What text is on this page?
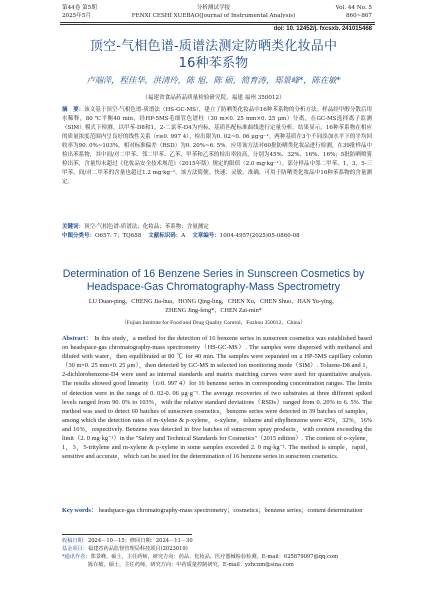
第44卷 第5期
2025年5月
分析测试学报
FENXI CESHI XUEBAO(Journal of Instrumental Analysis)
Vol. 44 No. 5
860~867
doi: 10. 12452/j. fxcsxb. 241015468
顶空-气相色谱-质谱法测定防晒类化妆品中
16种苯系物
卢端萍，程佳华，洪清玲，陈 旭，陈 硕，简育涛，郑景峰*，陈在敏*
（福建省食品药品质量检验研究院，福建 福州 350012）
摘　要：该文基于顶空-气相色谱-质谱法（HS-GC-MS），建立了防晒类化妆品中16种苯系物的分析方法。样品经甲醇分散后用水稀释，80 ℃平衡40 min，经HP-5MS毛细管色谱柱（30 m×0. 25 mm×0. 25 μm）分离，在GC-MS选择离子监测（SIM）模式下检测。以甲苯-D8和1，2-二氯苯-D4为内标，基质匹配标准曲线进行定量分析。结果显示，16种苯系物在相应的质量浓度范围内呈良好的线性关系（r≥0. 997 4），检出限为0. 02~0. 06 μg·g⁻¹。两种基质在3个不同添加水平下的平均回收率为90. 0%~103%，相对标准偏差（RSD）为0. 20%~6. 5%。应用该方法对60批防晒类化妆品进行检测，在39批样品中检出苯系物，其中间/对二甲苯、邻二甲苯、乙苯、甲苯和乙苯的检出率较高，分别为45%、32%、16%、16%；5批防晒喷雾检出苯，含量均未超过《化妆品安全技术规范》（2015年版）规定的限值（2.0 mg·kg⁻¹）。部分样品中邻二甲苯、1，3，5-三甲苯、间/对二甲苯的含量也超过1.2 mg·kg⁻¹。该方法简便、快速、灵敏、准确，可用于防晒类化妆品中16种苯系物的含量测定。
关键词：顶空-气相色谱-质谱法；化妆品；苯系物；含量测定
中图分类号：O657. 7；TQ658 文献标识码：A 文章编号：1004-4957(2025)05-0860-08
Determination of 16 Benzene Series in Sunscreen Cosmetics by
Headspace-Gas Chromatography-Mass Spectrometry
LU Duan-ping，CHENG Jia-hua，HONG Qing-ling，CHEN Xu，CHEN Shuo，JIAN Yu-ying，
ZHENG Jing-feng*，CHEN Zai-min*
（Fujian Institute for Food and Drug Quality Control，Fuzhou 350012，China）
Abstract： In this study，a method for the detection of 16 benzene series in sunscreen cosmetics was established based on headspace-gas chromatography-mass spectrometry（HS-GC-MS）. The samples were dispersed with methanol and diluted with water，then equilibrated at 80 ℃ for 40 min. The samples were separated on a HP-5MS capillary column（30 m×0. 25 mm×0. 25 μm），then detected by GC-MS in selected ion monitoring mode（SIM）. Toluene-D8 and 1，2-dichlorobenzene-D4 were used as internal standards and matrix matching curves were used for quantitative analysis. The results showed good linearity（r≥0. 997 4）for 16 benzene series in corresponding concentration ranges. The limits of detection were in the range of 0. 02-0. 06 μg·g⁻¹. The average recoveries of two substrates at three different spiked levels ranged from 90. 0% to 103%，with the relative standard deviations（RSDs）ranged from 0. 20% to 6. 5%. The method was used to detect 60 batches of sunscreen cosmetics，benzene series were detected in 39 batches of samples，among which the detection rates of m-xylene & p-xylene，o-xylene，toluene and ethylbenzene were 45%，32%，16% and 16%，respectively. Benzene was detected in five batches of sunscreen spray products，with content exceeding the limit（2. 0 mg·kg⁻¹）in the "Safety and Technical Standards for Cosmetics"（2015 edition）. The content of o-xylene，1，3，5-tritylene and m-xylene & p-xylene in some samples exceeded 2. 0 mg·kg⁻¹. The method is simple，rapid，sensitive and accurate，which can be used for the determination of 16 benzene series in sunscreen cosmetics.
Key words： headspace-gas chromatography-mass spectrometry；cosmetics；benzene series；content determination
收稿日期：2024－10－15；修回日期：2024－11－30
基金项目：福建省药品监督管理局科技项目(2023019)
*通讯作者：郑景峰，硕士，主任药师，研究方向：药品、化妆品、医疗器械检验检测，E-mail：625879097@qq.com
陈在敏，硕士，主任药师，研究方向：中药质量控制研究，E-mail：yzhcnm@sina.com
